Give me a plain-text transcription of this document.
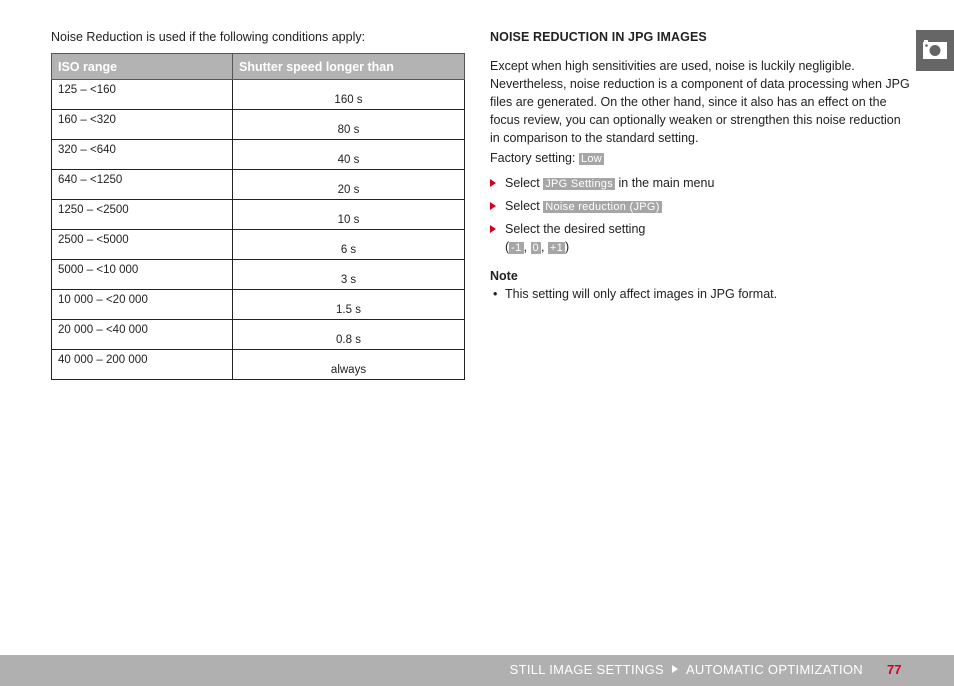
Noise Reduction is used if the following conditions apply:
ISO range	Shutter speed longer than
125 – <160	160 s
160 – <320	80 s
320 – <640	40 s
640 – <1250	20 s
1250 – <2500	10 s
2500 – <5000	6 s
5000 – <10 000	3 s
10 000 – <20 000	1.5 s
20 000 – <40 000	0.8 s
40 000 – 200 000	always
NOISE REDUCTION IN JPG IMAGES

Except when high sensitivities are used, noise is luckily negligible. Nevertheless, noise reduction is a component of data processing when JPG files are generated. On the other hand, since it also has an effect on the focus review, you can optionally weaken or strengthen this noise reduction in comparison to the standard setting.

Factory setting: Low
Select JPG Settings in the main menu
Select Noise reduction (JPG)
Select the desired setting
( -1 , 0 , +1 )
Note
• This setting will only affect images in JPG format.
STILL IMAGE SETTINGS AUTOMATIC OPTIMIZATION 77
